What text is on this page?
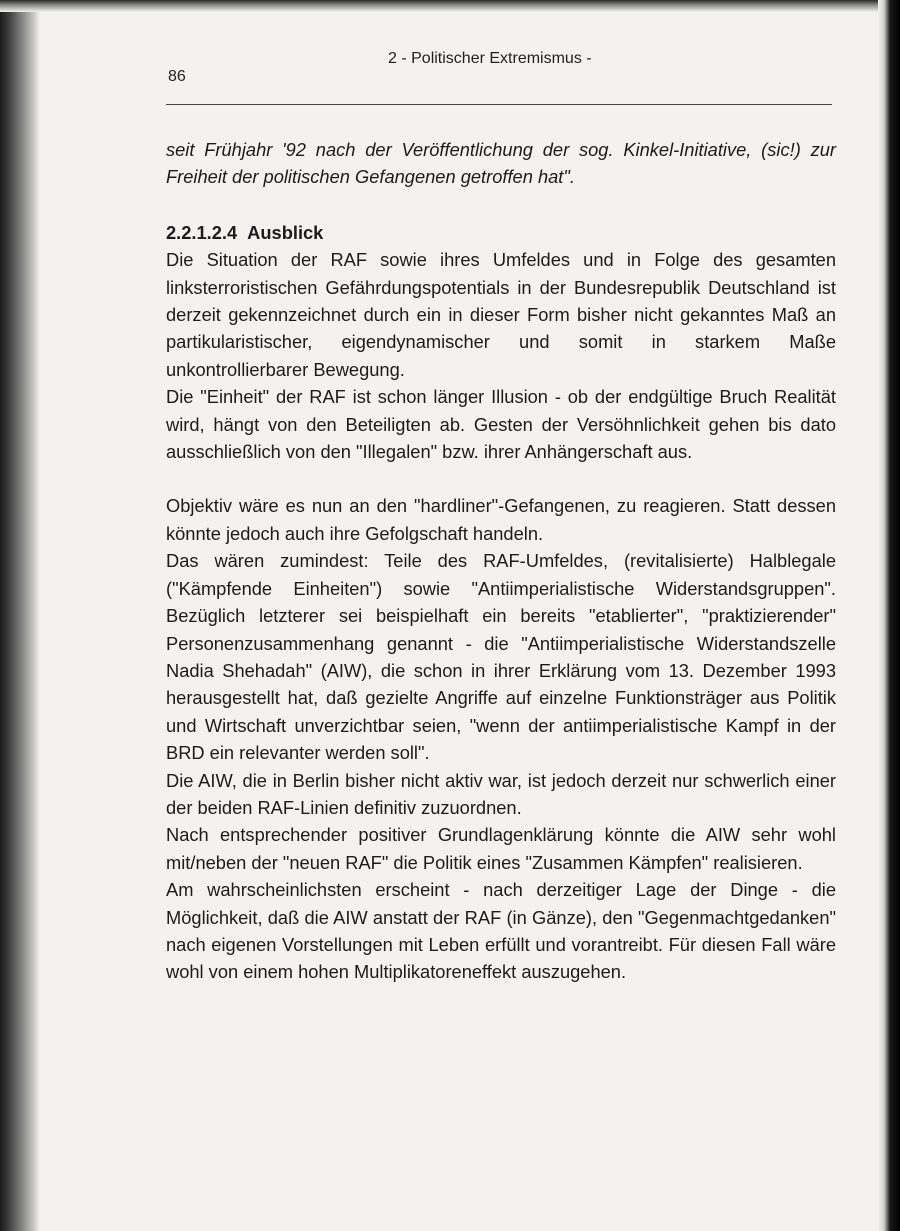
86

2 - Politischer Extremismus -

seit Frühjahr '92 nach der Veröffentlichung der sog. Kinkel-Initiative, (sic!) zur Freiheit der politischen Gefangenen getroffen hat".

2.2.1.2.4 Ausblick

Die Situation der RAF sowie ihres Umfeldes und in Folge des gesamten linksterroristischen Gefährdungspotentials in der Bundesrepublik Deutschland ist derzeit gekennzeichnet durch ein in dieser Form bisher nicht gekanntes Maß an partikularistischer, eigendynamischer und somit in starkem Maße unkontrollierbarer Bewegung.

Die "Einheit" der RAF ist schon länger Illusion - ob der endgültige Bruch Realität wird, hängt von den Beteiligten ab. Gesten der Versöhnlichkeit gehen bis dato ausschließlich von den "Illegalen" bzw. ihrer Anhängerschaft aus.

Objektiv wäre es nun an den "hardliner"-Gefangenen, zu reagieren. Statt dessen könnte jedoch auch ihre Gefolgschaft handeln.

Das wären zumindest: Teile des RAF-Umfeldes, (revitalisierte) Halblegale ("Kämpfende Einheiten") sowie "Antiimperialistische Widerstandsgruppen". Bezüglich letzterer sei beispielhaft ein bereits "etablierter", "praktizierender" Personenzusammenhang genannt - die "Antiimperialistische Widerstandszelle Nadia Shehadah" (AIW), die schon in ihrer Erklärung vom 13. Dezember 1993 herausgestellt hat, daß gezielte Angriffe auf einzelne Funktionsträger aus Politik und Wirtschaft unverzichtbar seien, "wenn der antiimperialistische Kampf in der BRD ein relevanter werden soll".

Die AIW, die in Berlin bisher nicht aktiv war, ist jedoch derzeit nur schwerlich einer der beiden RAF-Linien definitiv zuzuordnen.

Nach entsprechender positiver Grundlagenklärung könnte die AIW sehr wohl mit/neben der "neuen RAF" die Politik eines "Zusammen Kämpfen" realisieren.

Am wahrscheinlichsten erscheint - nach derzeitiger Lage der Dinge - die Möglichkeit, daß die AIW anstatt der RAF (in Gänze), den "Gegenmachtgedanken" nach eigenen Vorstellungen mit Leben erfüllt und vorantreibt. Für diesen Fall wäre wohl von einem hohen Multiplikatoreneffekt auszugehen.
